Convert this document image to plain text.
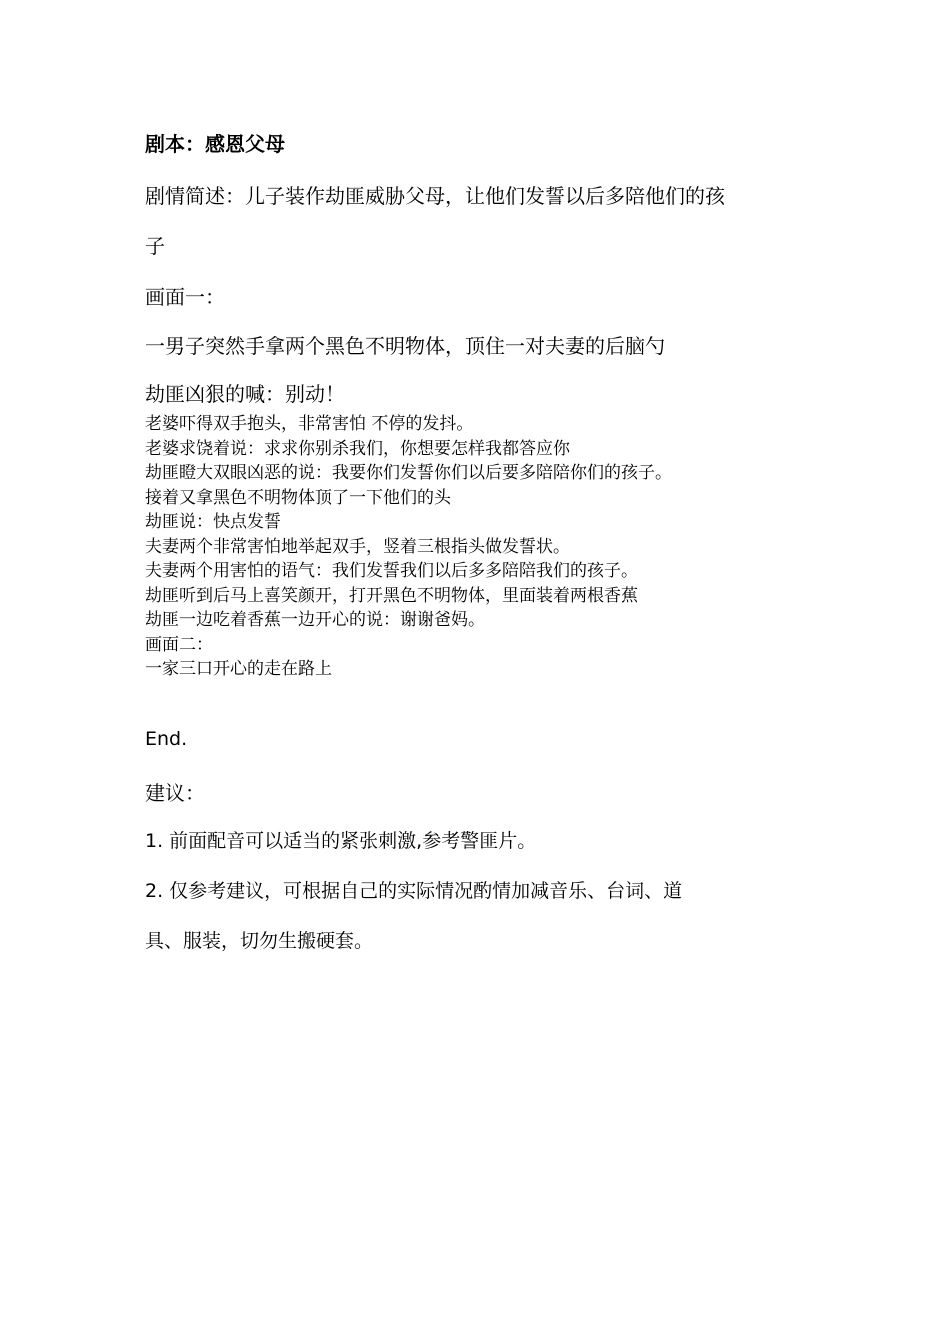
剧本：感恩父母

剧情简述：儿子装作劫匪威胁父母，让他们发誓以后多陪他们的孩

子

画面一：

一男子突然手拿两个黑色不明物体，顶住一对夫妻的后脑勺

劫匪凶狠的喊：别动！

老婆吓得双手抱头，非常害怕 不停的发抖。
老婆求饶着说：求求你别杀我们，你想要怎样我都答应你
劫匪瞪大双眼凶恶的说：我要你们发誓你们以后要多陪陪你们的孩子。
接着又拿黑色不明物体顶了一下他们的头
劫匪说：快点发誓
夫妻两个非常害怕地举起双手，竖着三根指头做发誓状。
夫妻两个用害怕的语气：我们发誓我们以后多多陪陪我们的孩子。
劫匪听到后马上喜笑颜开，打开黑色不明物体，里面装着两根香蕉
劫匪一边吃着香蕉一边开心的说：谢谢爸妈。
画面二：
一家三口开心的走在路上

End.

建议：

1. 前面配音可以适当的紧张刺激,参考警匪片。

2. 仅参考建议，可根据自己的实际情况酌情加减音乐、台词、道

具、服装，切勿生搬硬套。
